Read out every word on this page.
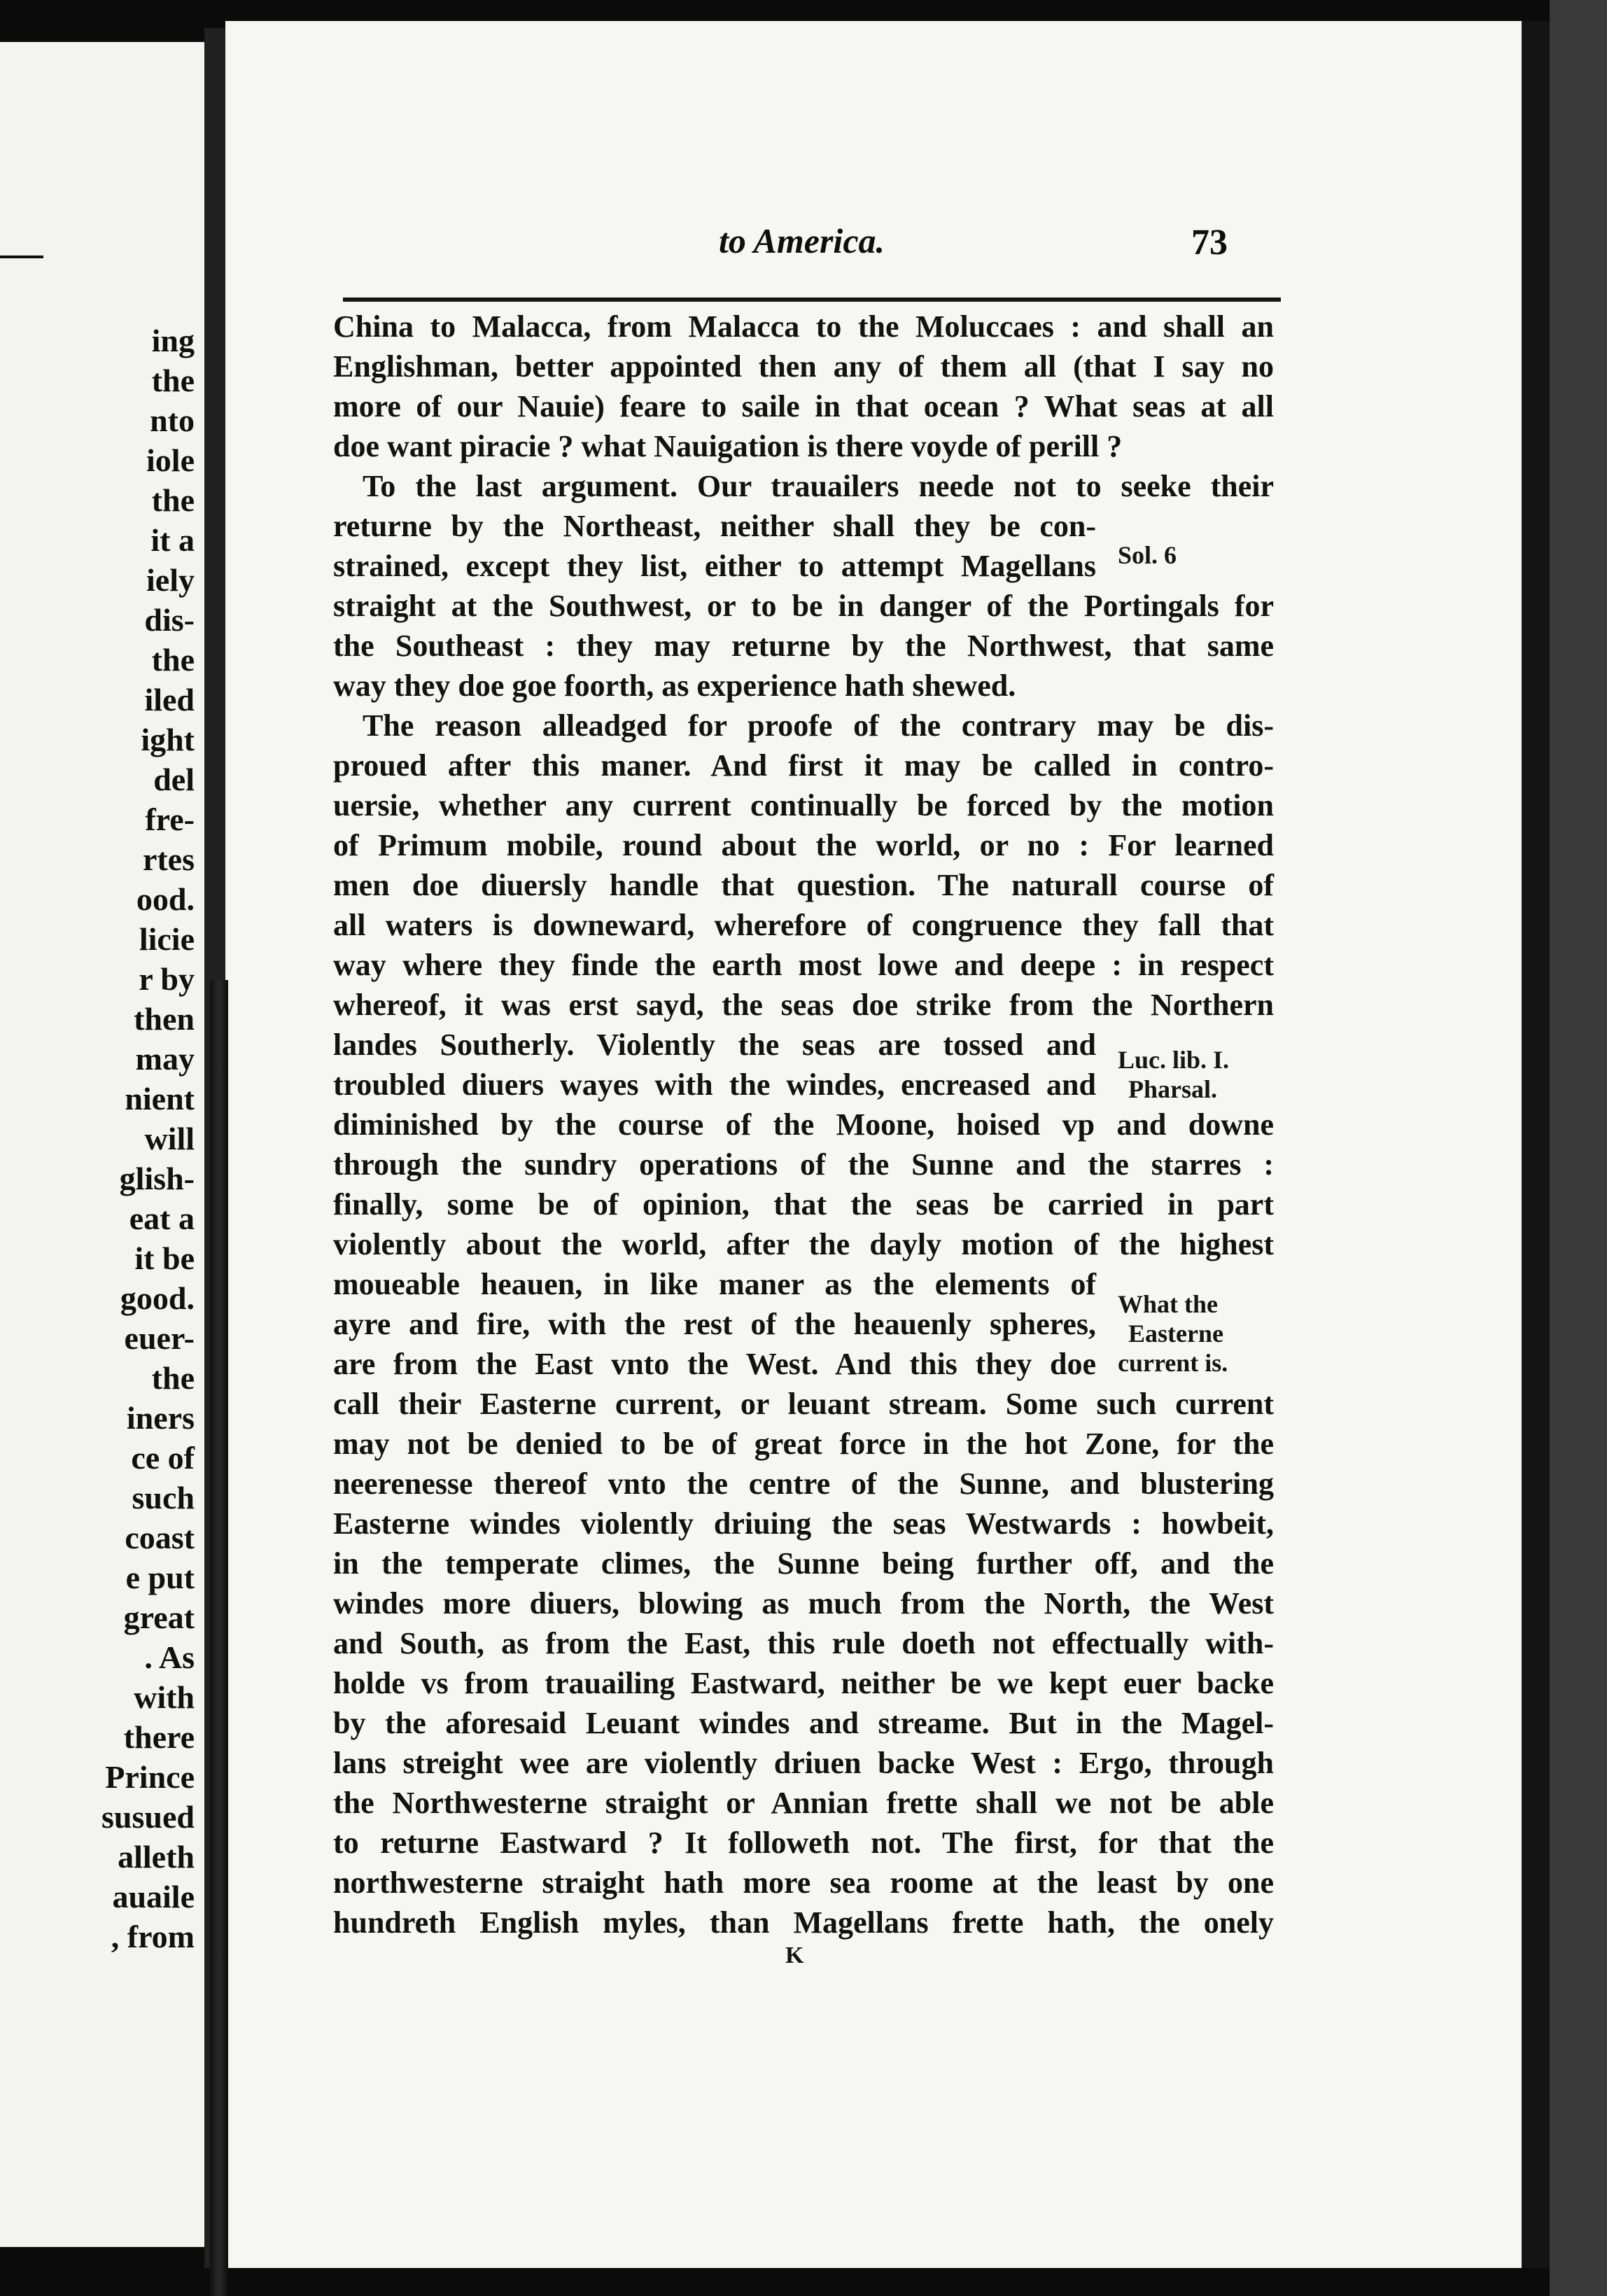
ing
the
nto
iole
the
it a
iely
dis-
the
iled
ight
del
fre-
rtes
ood.
licie
r by
then
may
nient
will
glish-
eat a
it be
good.
euer-
the
iners
ce of
such
coast
e put
great
. As
with
there
Prince
susued
alleth
auaile
, from
to America.	73
China to Malacca, from Malacca to the Moluccaes : and shall an
Englishman, better appointed then any of them all (that I say no
more of our Nauie) feare to saile in that ocean ? What seas at all
doe want piracie ? what Nauigation is there voyde of perill ?
To the last argument. Our trauailers neede not to seeke their
returne by the Northeast, neither shall they be con-
strained, except they list, either to attempt Magellans
straight at the Southwest, or to be in danger of the Portingals for
the Southeast : they may returne by the Northwest, that same
way they doe goe foorth, as experience hath shewed.
The reason alleadged for proofe of the contrary may be dis-
proued after this maner. And first it may be called in contro-
uersie, whether any current continually be forced by the motion
of Primum mobile, round about the world, or no : For learned
men doe diuersly handle that question. The naturall course of
all waters is downeward, wherefore of congruence they fall that
way where they finde the earth most lowe and deepe : in respect
whereof, it was erst sayd, the seas doe strike from the Northern
landes Southerly. Violently the seas are tossed and
troubled diuers wayes with the windes, encreased and
diminished by the course of the Moone, hoised vp and downe
through the sundry operations of the Sunne and the starres :
finally, some be of opinion, that the seas be carried in part
violently about the world, after the dayly motion of the highest
moueable heauen, in like maner as the elements of
ayre and fire, with the rest of the heauenly spheres,
are from the East vnto the West. And this they doe
call their Easterne current, or leuant stream. Some such current
may not be denied to be of great force in the hot Zone, for the
neerenesse thereof vnto the centre of the Sunne, and blustering
Easterne windes violently driuing the seas Westwards : howbeit,
in the temperate climes, the Sunne being further off, and the
windes more diuers, blowing as much from the North, the West
and South, as from the East, this rule doeth not effectually with-
holde vs from trauailing Eastward, neither be we kept euer backe
by the aforesaid Leuant windes and streame. But in the Magel-
lans streight wee are violently driuen backe West : Ergo, through
the Northwesterne straight or Annian frette shall we not be able
to returne Eastward ? It followeth not. The first, for that the
northwesterne straight hath more sea roome at the least by one
hundreth English myles, than Magellans frette hath, the onely
Sol. 6
Luc. lib. I.
Pharsal.
What the
Easterne
current is.
K
